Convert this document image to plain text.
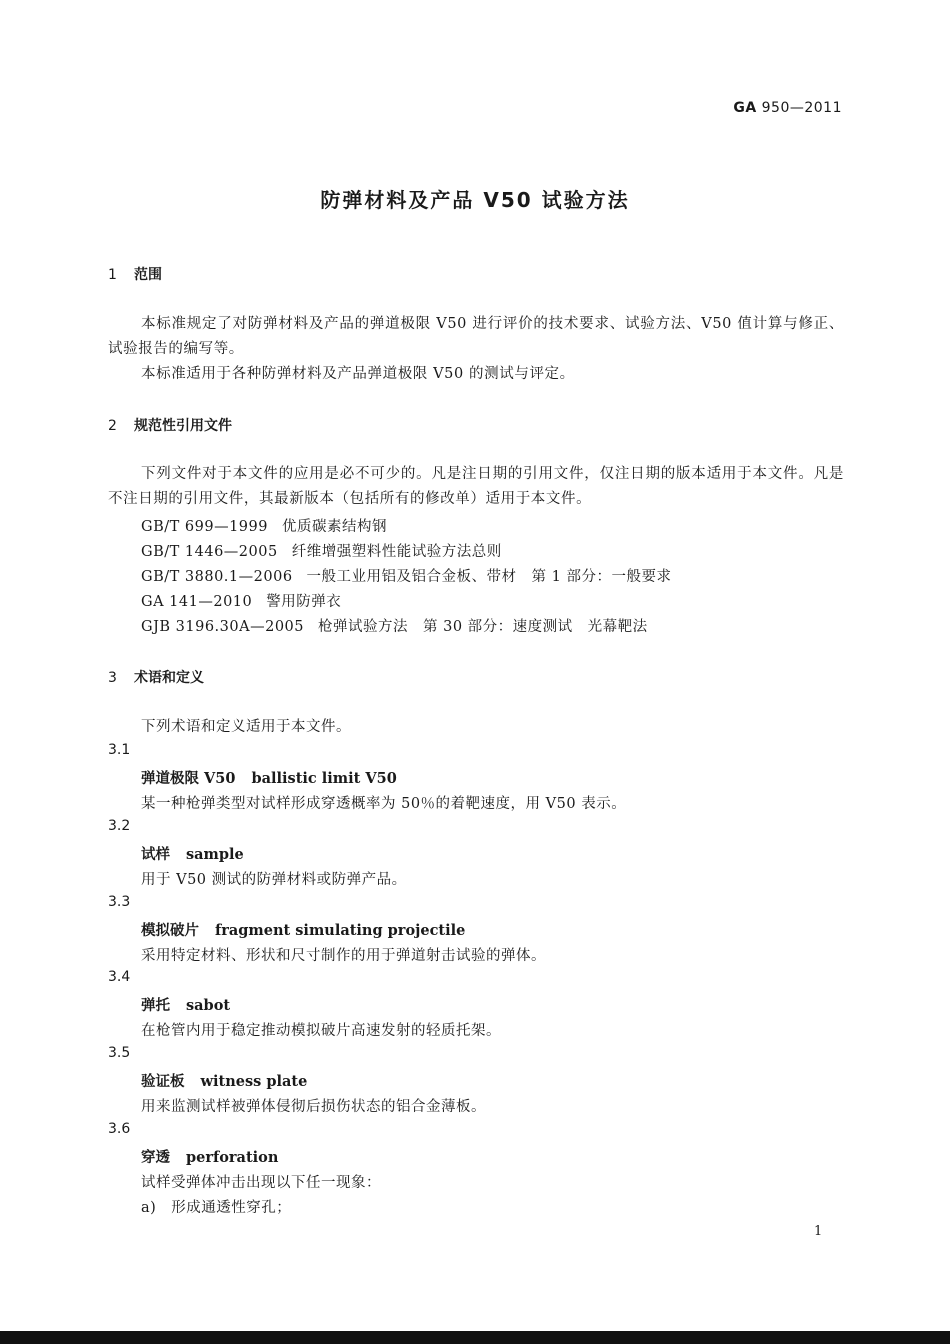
GA 950—2011
防弹材料及产品 V50 试验方法
1 范围
本标准规定了对防弹材料及产品的弹道极限 V50 进行评价的技术要求、试验方法、V50 值计算与修正、试验报告的编写等。
本标准适用于各种防弹材料及产品弹道极限 V50 的测试与评定。
2 规范性引用文件
下列文件对于本文件的应用是必不可少的。凡是注日期的引用文件，仅注日期的版本适用于本文件。凡是不注日期的引用文件，其最新版本（包括所有的修改单）适用于本文件。
GB/T 699—1999 优质碳素结构钢
GB/T 1446—2005 纤维增强塑料性能试验方法总则
GB/T 3880.1—2006 一般工业用铝及铝合金板、带材　第 1 部分：一般要求
GA 141—2010 警用防弹衣
GJB 3196.30A—2005 枪弹试验方法　第 30 部分：速度测试　光幕靶法
3 术语和定义
下列术语和定义适用于本文件。
3.1
弹道极限 V50 ballistic limit V50
某一种枪弹类型对试样形成穿透概率为 50％的着靶速度，用 V50 表示。
3.2
试样 sample
用于 V50 测试的防弹材料或防弹产品。
3.3
模拟破片 fragment simulating projectile
采用特定材料、形状和尺寸制作的用于弹道射击试验的弹体。
3.4
弹托 sabot
在枪管内用于稳定推动模拟破片高速发射的轻质托架。
3.5
验证板 witness plate
用来监测试样被弹体侵彻后损伤状态的铝合金薄板。
3.6
穿透 perforation
试样受弹体冲击出现以下任一现象：
a)　形成通透性穿孔；
1
